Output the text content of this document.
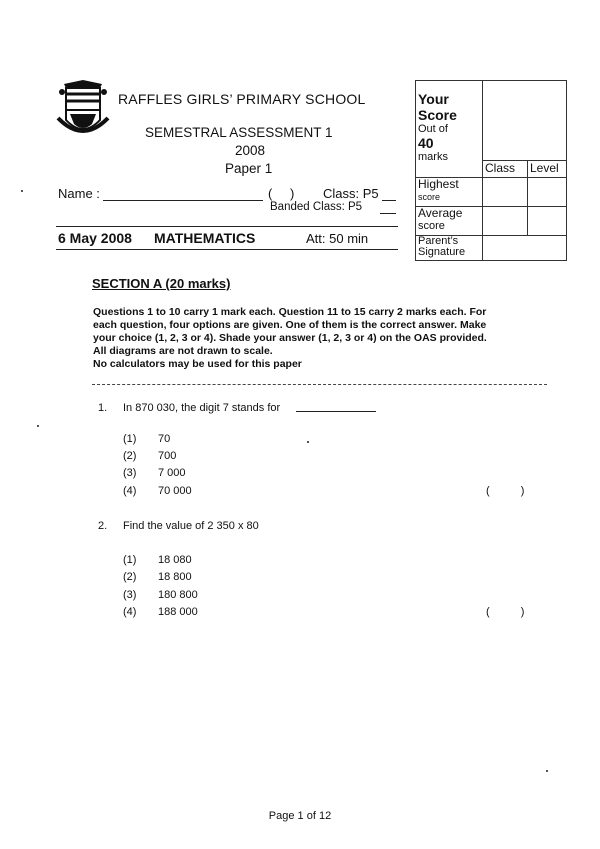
RAFFLES GIRLS’ PRIMARY SCHOOL
SEMESTRAL ASSESSMENT 1
2008
Paper 1
Name :	( ) Class: P5
Banded Class: P5
6 May 2008 MATHEMATICS	Att: 50 min
Your
Score
Out of
40
marks		

	Class	Level

Highest
score		

Average
score		

Parent’s
Signature		

SECTION A (20 marks)
Questions 1 to 10 carry 1 mark each. Question 11 to 15 carry 2 marks each. For
each question, four options are given. One of them is the correct answer. Make
your choice (1, 2, 3 or 4). Shade your answer (1, 2, 3 or 4) on the OAS provided.
All diagrams are not drawn to scale.
No calculators may be used for this paper
1. In 870 030, the digit 7 stands for
(1) 70
(2) 700
(3) 7 000
(4) 70 000	( )
2. Find the value of 2 350 x 80
(1) 18 080
(2) 18 800
(3) 180 800
(4) 188 000	( )
Page 1 of 12
